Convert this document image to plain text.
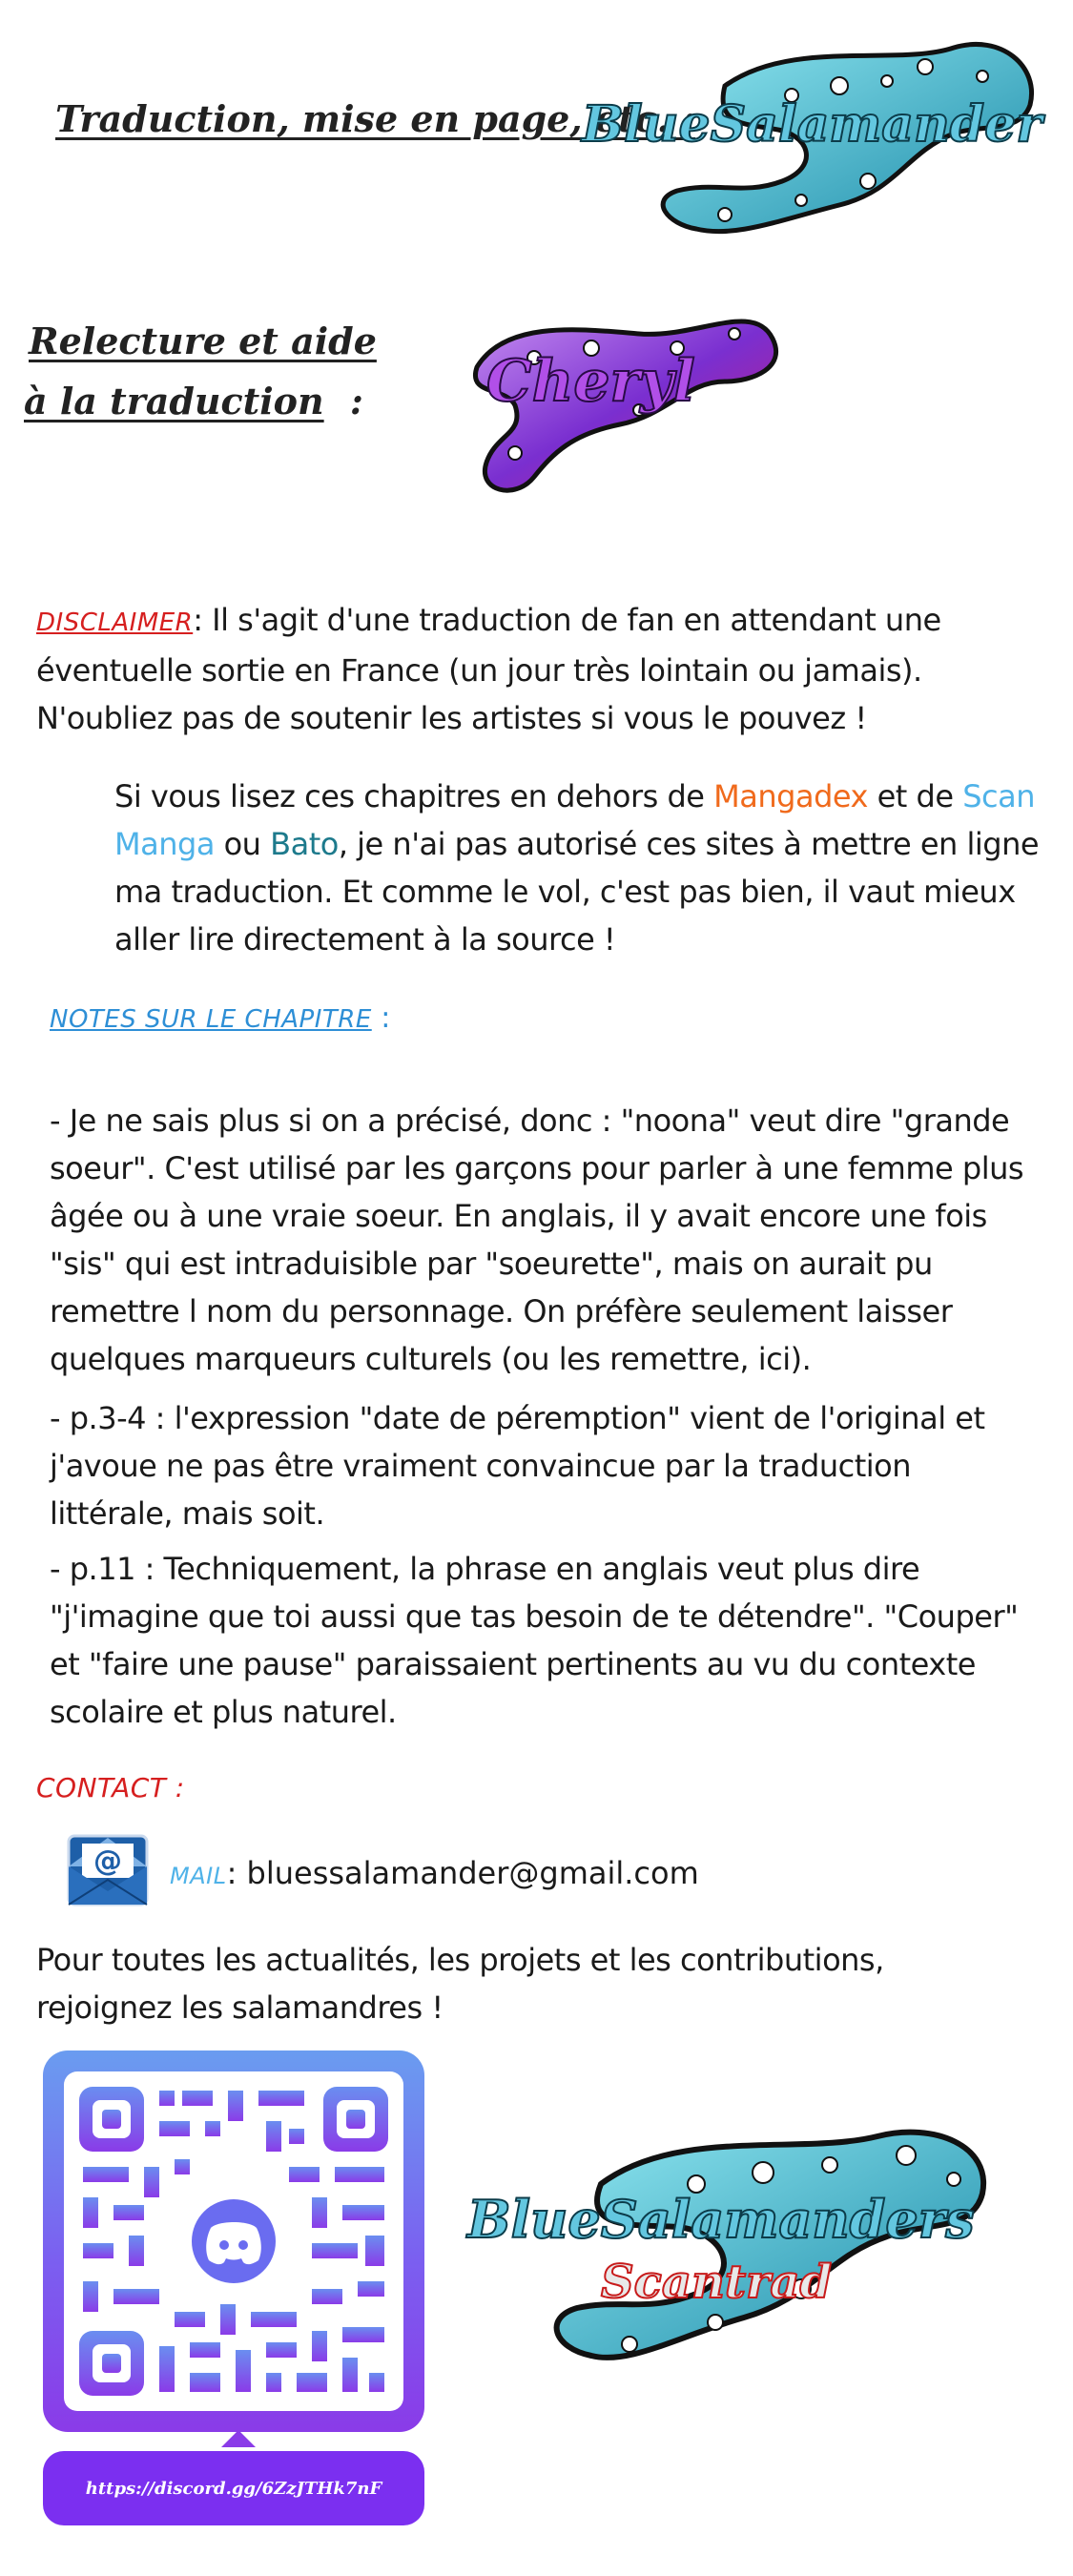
Traduction, mise en page, etc. :
BlueSalamander
Relecture et aide
à la traduction : Cheryl
DISCLAIMER: Il s'agit d'une traduction de fan en attendant une éventuelle sortie en France (un jour très lointain ou jamais). N'oubliez pas de soutenir les artistes si vous le pouvez !
Si vous lisez ces chapitres en dehors de Mangadex et de Scan Manga ou Bato, je n'ai pas autorisé ces sites à mettre en ligne ma traduction. Et comme le vol, c'est pas bien, il vaut mieux aller lire directement à la source !
NOTES SUR LE CHAPITRE :
- Je ne sais plus si on a précisé, donc : "noona" veut dire "grande soeur". C'est utilisé par les garçons pour parler à une femme plus âgée ou à une vraie soeur. En anglais, il y avait encore une fois "sis" qui est intraduisible par "soeurette", mais on aurait pu remettre l nom du personnage. On préfère seulement laisser quelques marqueurs culturels (ou les remettre, ici).
- p.3-4 : l'expression "date de péremption" vient de l'original et j'avoue ne pas être vraiment convaincue par la traduction littérale, mais soit.
- p.11 : Techniquement, la phrase en anglais veut plus dire "j'imagine que toi aussi que tas besoin de te détendre". "Couper" et "faire une pause" paraissaient pertinents au vu du contexte scolaire et plus naturel.
CONTACT :
@ MAIL: bluessalamander@gmail.com
Pour toutes les actualités, les projets et les contributions, rejoignez les salamandres !
https://discord.gg/6ZzJTHk7nF
BlueSalamanders
Scantrad
